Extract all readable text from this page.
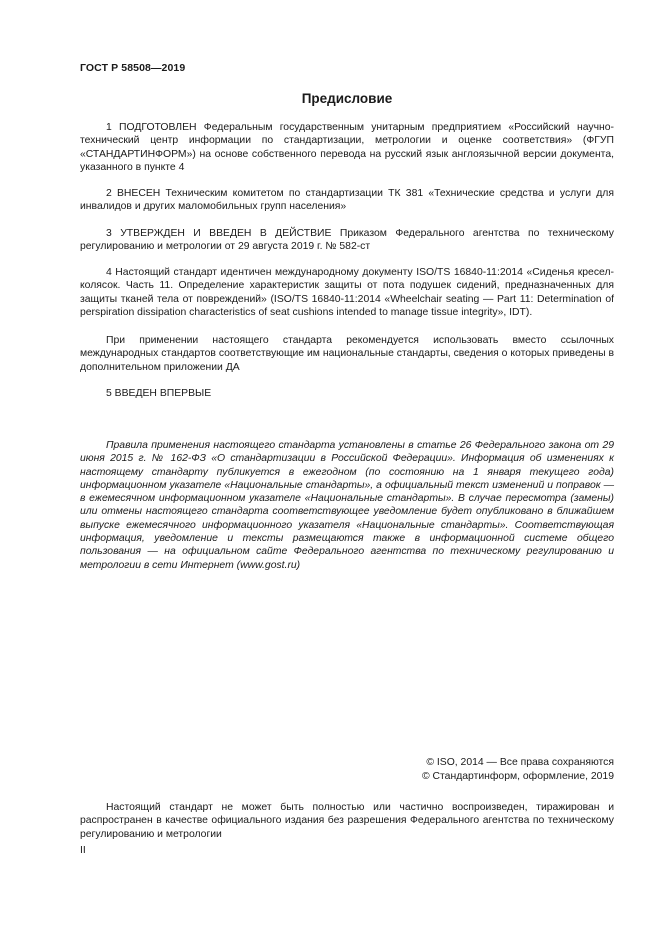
ГОСТ Р 58508—2019
Предисловие
1 ПОДГОТОВЛЕН Федеральным государственным унитарным предприятием «Российский научно-технический центр информации по стандартизации, метрологии и оценке соответствия» (ФГУП «СТАНДАРТИНФОРМ») на основе собственного перевода на русский язык англоязычной версии документа, указанного в пункте 4
2 ВНЕСЕН Техническим комитетом по стандартизации ТК 381 «Технические средства и услуги для инвалидов и других маломобильных групп населения»
3 УТВЕРЖДЕН И ВВЕДЕН В ДЕЙСТВИЕ Приказом Федерального агентства по техническому регулированию и метрологии от 29 августа 2019 г. № 582-ст
4 Настоящий стандарт идентичен международному документу ISO/TS 16840-11:2014 «Сиденья кресел-колясок. Часть 11. Определение характеристик защиты от пота подушек сидений, предназначенных для защиты тканей тела от повреждений» (ISO/TS 16840-11:2014 «Wheelchair seating — Part 11: Determination of perspiration dissipation characteristics of seat cushions intended to manage tissue integrity», IDT).
При применении настоящего стандарта рекомендуется использовать вместо ссылочных международных стандартов соответствующие им национальные стандарты, сведения о которых приведены в дополнительном приложении ДА
5 ВВЕДЕН ВПЕРВЫЕ
Правила применения настоящего стандарта установлены в статье 26 Федерального закона от 29 июня 2015 г. № 162-ФЗ «О стандартизации в Российской Федерации». Информация об изменениях к настоящему стандарту публикуется в ежегодном (по состоянию на 1 января текущего года) информационном указателе «Национальные стандарты», а официальный текст изменений и поправок — в ежемесячном информационном указателе «Национальные стандарты». В случае пересмотра (замены) или отмены настоящего стандарта соответствующее уведомление будет опубликовано в ближайшем выпуске ежемесячного информационного указателя «Национальные стандарты». Соответствующая информация, уведомление и тексты размещаются также в информационной системе общего пользования — на официальном сайте Федерального агентства по техническому регулированию и метрологии в сети Интернет (www.gost.ru)
© ISO, 2014 — Все права сохраняются
© Стандартинформ, оформление, 2019
Настоящий стандарт не может быть полностью или частично воспроизведен, тиражирован и распространен в качестве официального издания без разрешения Федерального агентства по техническому регулированию и метрологии
II
